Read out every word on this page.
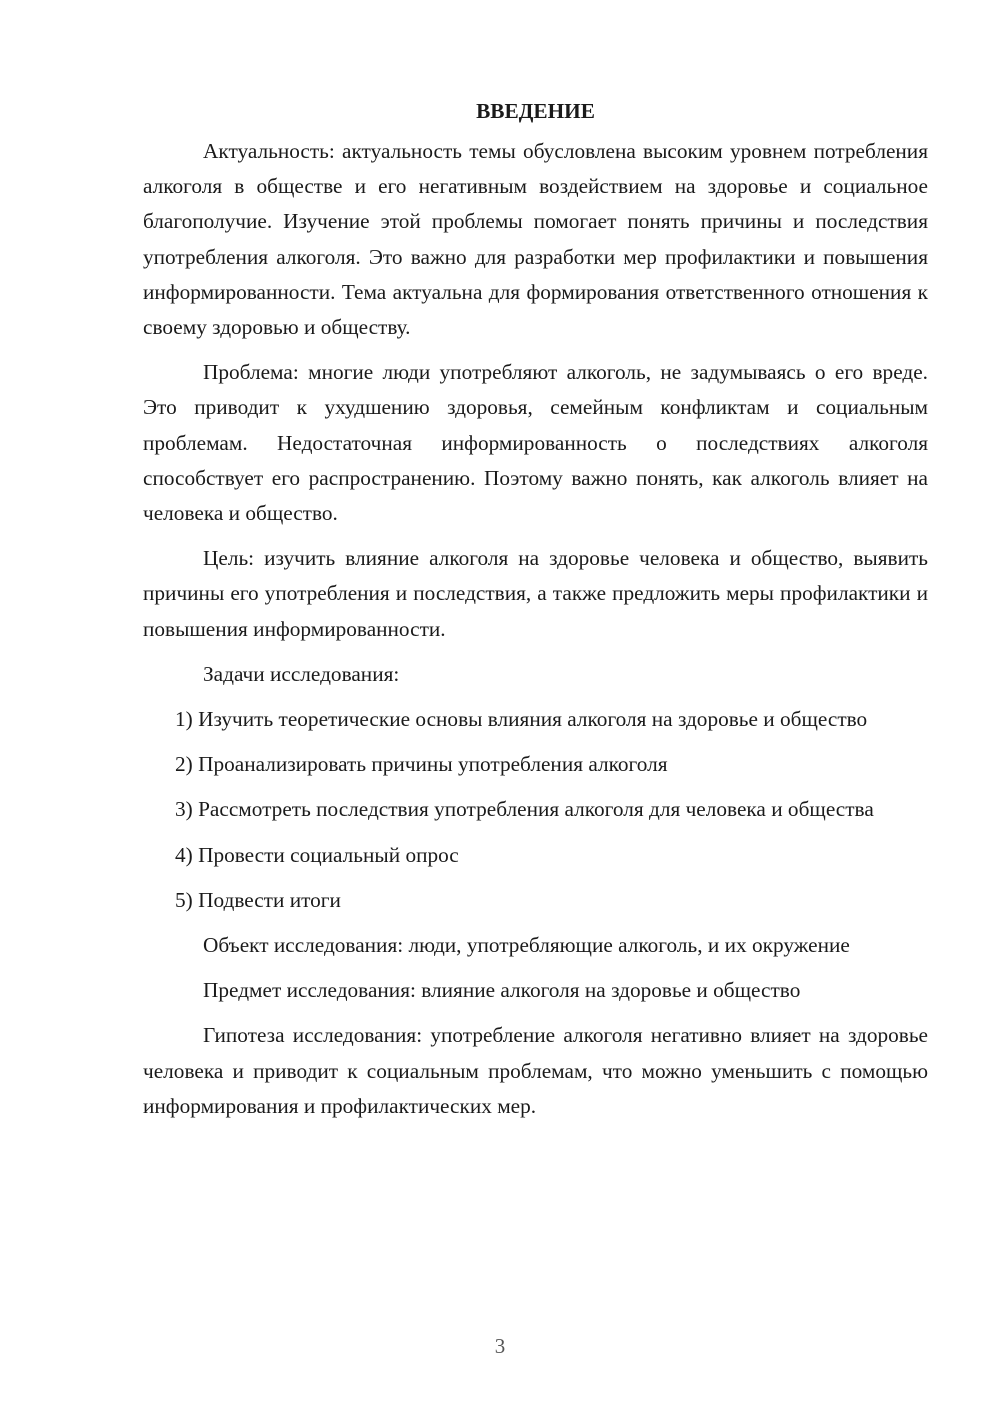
ВВЕДЕНИЕ

Актуальность: актуальность темы обусловлена высоким уровнем потребления алкоголя в обществе и его негативным воздействием на здоровье и социальное благополучие. Изучение этой проблемы помогает понять причины и последствия употребления алкоголя. Это важно для разработки мер профилактики и повышения информированности. Тема актуальна для формирования ответственного отношения к своему здоровью и обществу.

Проблема: многие люди употребляют алкоголь, не задумываясь о его вреде. Это приводит к ухудшению здоровья, семейным конфликтам и социальным проблемам. Недостаточная информированность о последствиях алкоголя способствует его распространению. Поэтому важно понять, как алкоголь влияет на человека и общество.

Цель: изучить влияние алкоголя на здоровье человека и общество, выявить причины его употребления и последствия, а также предложить меры профилактики и повышения информированности.

Задачи исследования:

1) Изучить теоретические основы влияния алкоголя на здоровье и общество

2) Проанализировать причины употребления алкоголя

3) Рассмотреть последствия употребления алкоголя для человека и общества

4) Провести социальный опрос

5) Подвести итоги

Объект исследования: люди, употребляющие алкоголь, и их окружение

Предмет исследования: влияние алкоголя на здоровье и общество

Гипотеза исследования: употребление алкоголя негативно влияет на здоровье человека и приводит к социальным проблемам, что можно уменьшить с помощью информирования и профилактических мер.

3
